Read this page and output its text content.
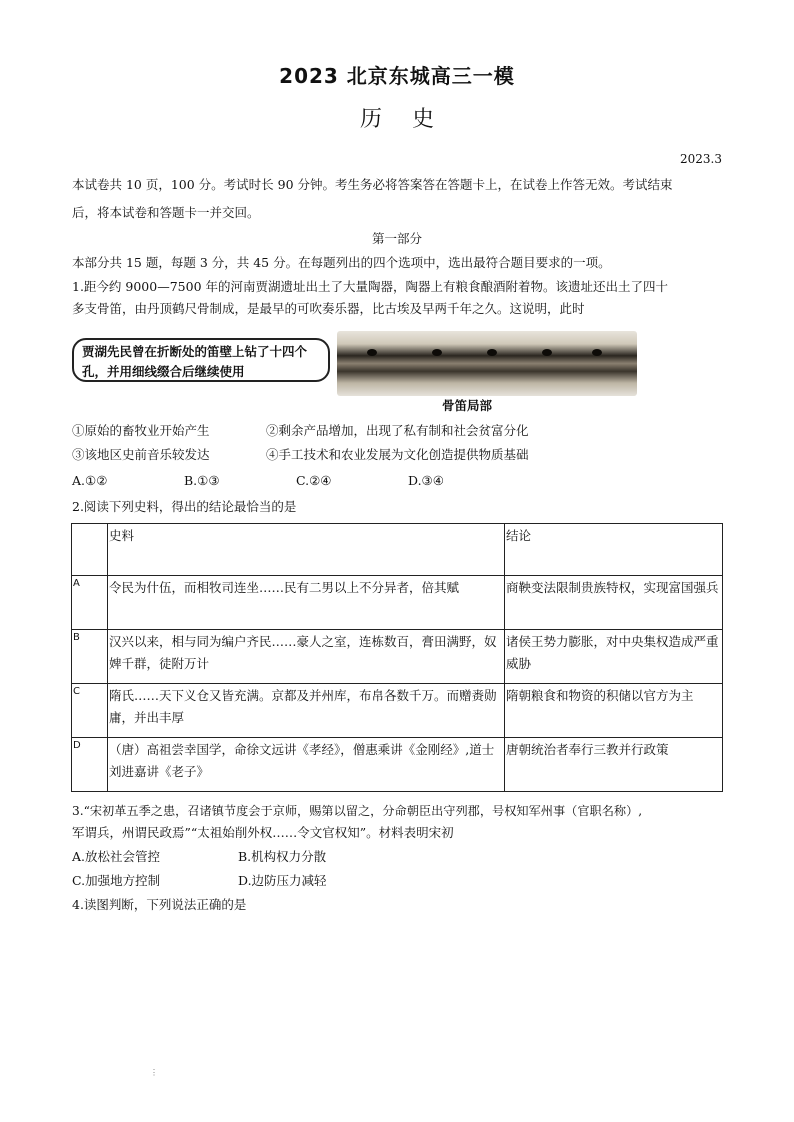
2023 北京东城高三一模
历史
2023.3
本试卷共 10 页，100 分。考试时长 90 分钟。考生务必将答案答在答题卡上，在试卷上作答无效。考试结束
后，将本试卷和答题卡一并交回。
第一部分
本部分共 15 题，每题 3 分，共 45 分。在每题列出的四个选项中，选出最符合题目要求的一项。
1.距今约 9000—7500 年的河南贾湖遗址出土了大量陶器，陶器上有粮食酿酒附着物。该遗址还出土了四十
多支骨笛，由丹顶鹤尺骨制成，是最早的可吹奏乐器，比古埃及早两千年之久。这说明，此时
贾湖先民曾在折断处的笛壁上钻了十四个孔，并用细线缀合后继续使用
骨笛局部
①原始的畜牧业开始产生	②剩余产品增加，出现了私有制和社会贫富分化
③该地区史前音乐较发达	④手工技术和农业发展为文化创造提供物质基础
A.①②	B.①③	C.②④	D.③④
2.阅读下列史料，得出的结论最恰当的是
	史料	结论
A	令民为什伍，而相牧司连坐……民有二男以上不分异者，倍其赋	商鞅变法限制贵族特权，实现富国强兵
B	汉兴以来，相与同为编户齐民……豪人之室，连栋数百，膏田满野，奴婢千群，徒附万计	诸侯王势力膨胀，对中央集权造成严重威胁
C	隋氏……天下义仓又皆充满。京都及并州库，布帛各数千万。而赠赉勋庸，并出丰厚	隋朝粮食和物资的积储以官方为主
D	（唐）高祖尝幸国学，命徐文远讲《孝经》，僧惠乘讲《金刚经》,道士刘进嘉讲《老子》	唐朝统治者奉行三教并行政策
3.“宋初革五季之患，召诸镇节度会于京师，赐第以留之，分命朝臣出守列郡，号权知军州事（官职名称）,
军谓兵，州谓民政焉”“太祖始削外权……令文官权知”。材料表明宋初
A.放松社会管控	B.机构权力分散
C.加强地方控制	D.边防压力减轻
4.读图判断，下列说法正确的是
⋮
